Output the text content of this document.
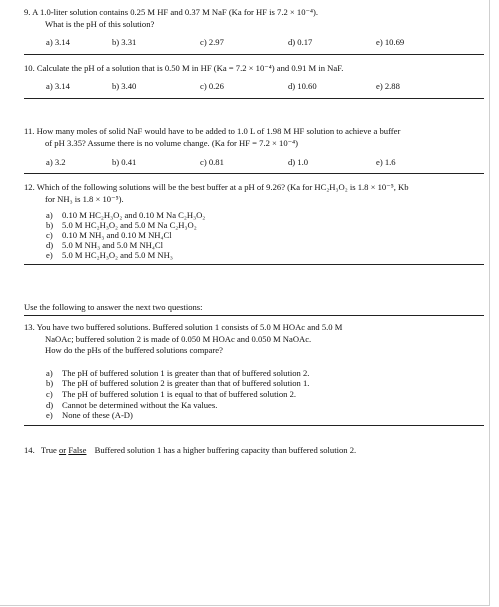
9. A 1.0-liter solution contains 0.25 M HF and 0.37 M NaF (Ka for HF is 7.2 × 10⁻⁴).
What is the pH of this solution?
a) 3.14	b) 3.31	c) 2.97	d) 0.17	e) 10.69
10. Calculate the pH of a solution that is 0.50 M in HF (Ka = 7.2 × 10⁻⁴) and 0.91 M in NaF.
a) 3.14	b) 3.40	c) 0.26	d) 10.60	e) 2.88
11. How many moles of solid NaF would have to be added to 1.0 L of 1.98 M HF solution to achieve a buffer
of pH 3.35? Assume there is no volume change. (Ka for HF = 7.2 × 10⁻⁴)
a) 3.2	b) 0.41	c) 0.81	d) 1.0	e) 1.6
12. Which of the following solutions will be the best buffer at a pH of 9.26? (Ka for HC₂H₃O₂ is 1.8 × 10⁻⁵, Kb
for NH₃ is 1.8 × 10⁻⁵).
a) 0.10 M HC₂H₃O₂ and 0.10 M Na C₂H₃O₂
b) 5.0 M HC₂H₃O₂ and 5.0 M Na C₂H₃O₂
c) 0.10 M NH₃ and 0.10 M NH₄Cl
d) 5.0 M NH₃ and 5.0 M NH₄Cl
e) 5.0 M HC₂H₃O₂ and 5.0 M NH₃
Use the following to answer the next two questions:
13. You have two buffered solutions. Buffered solution 1 consists of 5.0 M HOAc and 5.0 M
NaOAc; buffered solution 2 is made of 0.050 M HOAc and 0.050 M NaOAc.
How do the pHs of the buffered solutions compare?
a) The pH of buffered solution 1 is greater than that of buffered solution 2.
b) The pH of buffered solution 2 is greater than that of buffered solution 1.
c) The pH of buffered solution 1 is equal to that of buffered solution 2.
d) Cannot be determined without the Ka values.
e) None of these (A-D)
14. True or False Buffered solution 1 has a higher buffering capacity than buffered solution 2.
